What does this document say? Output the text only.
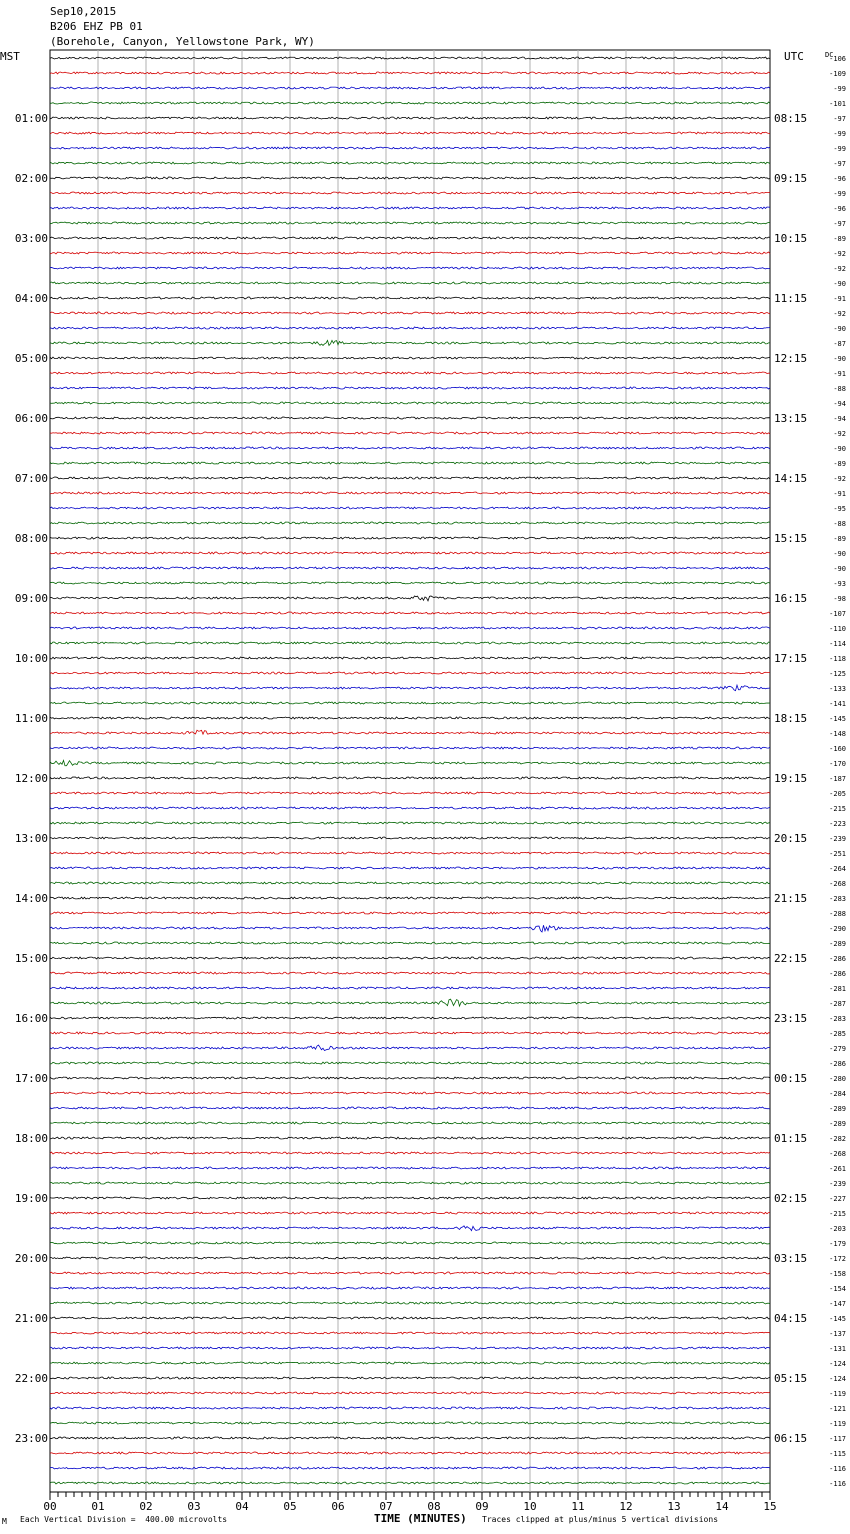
Sep10,2015
B206 EHZ PB 01
(Borehole, Canyon, Yellowstone Park, WY)
MST	UTC	DC
01:00
02:00
03:00
04:00
05:00
06:00
07:00
08:00
09:00
10:00
11:00
12:00
13:00
14:00
15:00
16:00
17:00
18:00
19:00
20:00
21:00
22:00
23:00
08:15
09:15
10:15
11:15
12:15
13:15
14:15
15:15
16:15
17:15
18:15
19:15
20:15
21:15
22:15
23:15
00:15
01:15
02:15
03:15
04:15
05:15
06:15
-106
-109
-99
-101
-97
-99
-99
-97
-96
-99
-96
-97
-89
-92
-92
-90
-91
-92
-90
-87
-90
-91
-88
-94
-94
-92
-90
-89
-92
-91
-95
-88
-89
-90
-90
-93
-98
-107
-110
-114
-118
-125
-133
-141
-145
-148
-160
-170
-187
-205
-215
-223
-239
-251
-264
-268
-283
-288
-290
-289
-286
-286
-281
-287
-283
-285
-279
-286
-280
-284
-289
-289
-282
-268
-261
-239
-227
-215
-203
-179
-172
-158
-154
-147
-145
-137
-131
-124
-124
-119
-121
-119
-117
-115
-116
-116
00	01	02	03	04	05	06	07	08	09	10	11	12	13	14	15
M Each Vertical Division =  400.00 microvolts	TIME (MINUTES) Traces clipped at plus/minus 5 vertical divisions
